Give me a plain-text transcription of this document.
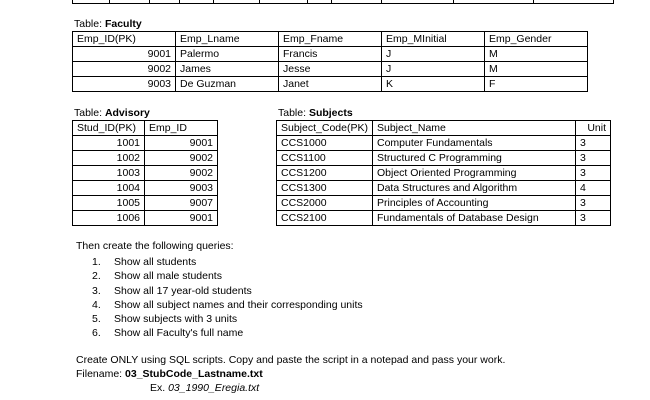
Table: Faculty
Emp_ID(PK)	Emp_Lname	Emp_Fname	Emp_MInitial	Emp_Gender
9001	Palermo	Francis	J	M
9002	James	Jesse	J	M
9003	De Guzman	Janet	K	F
Table: Advisory
Stud_ID(PK)	Emp_ID
1001	9001
1002	9002
1003	9002
1004	9003
1005	9007
1006	9001
Table: Subjects
Subject_Code(PK)	Subject_Name	Unit
CCS1000	Computer Fundamentals	3
CCS1100	Structured C Programming	3
CCS1200	Object Oriented Programming	3
CCS1300	Data Structures and Algorithm	4
CCS2000	Principles of Accounting	3
CCS2100	Fundamentals of Database Design	3
Then create the following queries:
1. Show all students
2. Show all male students
3. Show all 17 year-old students
4. Show all subject names and their corresponding units
5. Show subjects with 3 units
6. Show all Faculty's full name
Create ONLY using SQL scripts. Copy and paste the script in a notepad and pass your work.
Filename: 03_StubCode_Lastname.txt
Ex. 03_1990_Eregia.txt
